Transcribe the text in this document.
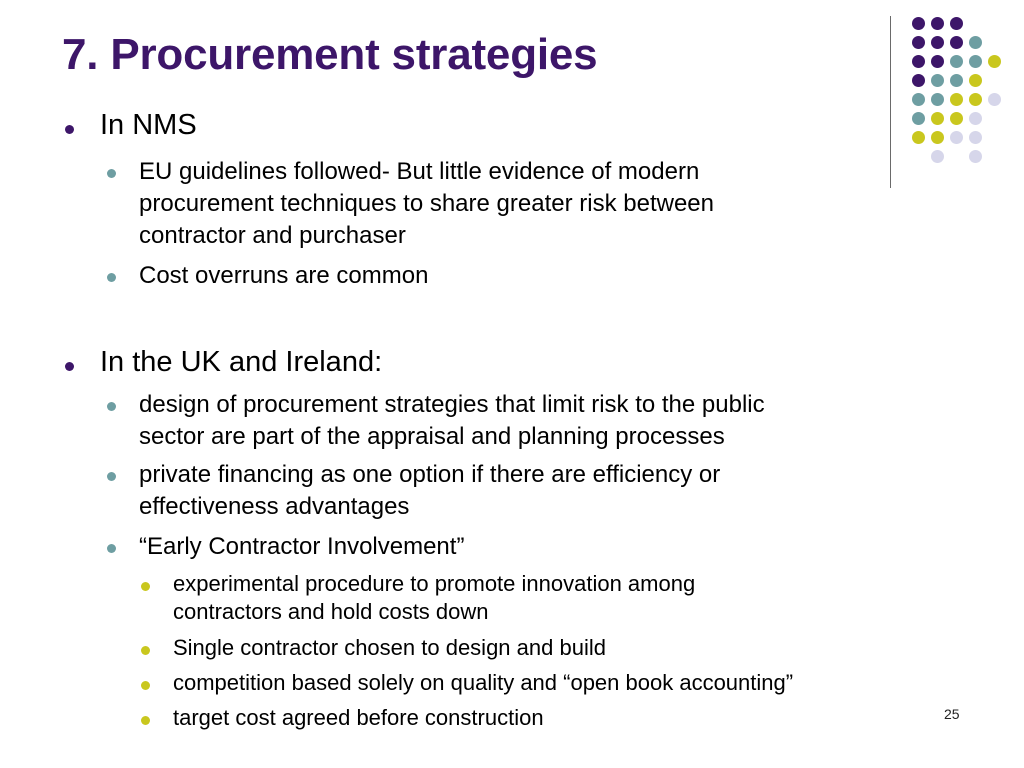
7. Procurement strategies
In NMS
EU guidelines followed- But little evidence of modern
procurement techniques to share greater risk between
contractor and purchaser
Cost overruns are common
In the UK and Ireland:
design of procurement strategies that limit risk to the public
sector are part of the appraisal and planning processes
private financing as one option if there are efficiency or
effectiveness advantages
“Early Contractor Involvement”
experimental procedure to promote innovation among
contractors and hold costs down
Single contractor chosen to design and build
competition based solely on quality and “open book accounting”
target cost agreed before construction	25
